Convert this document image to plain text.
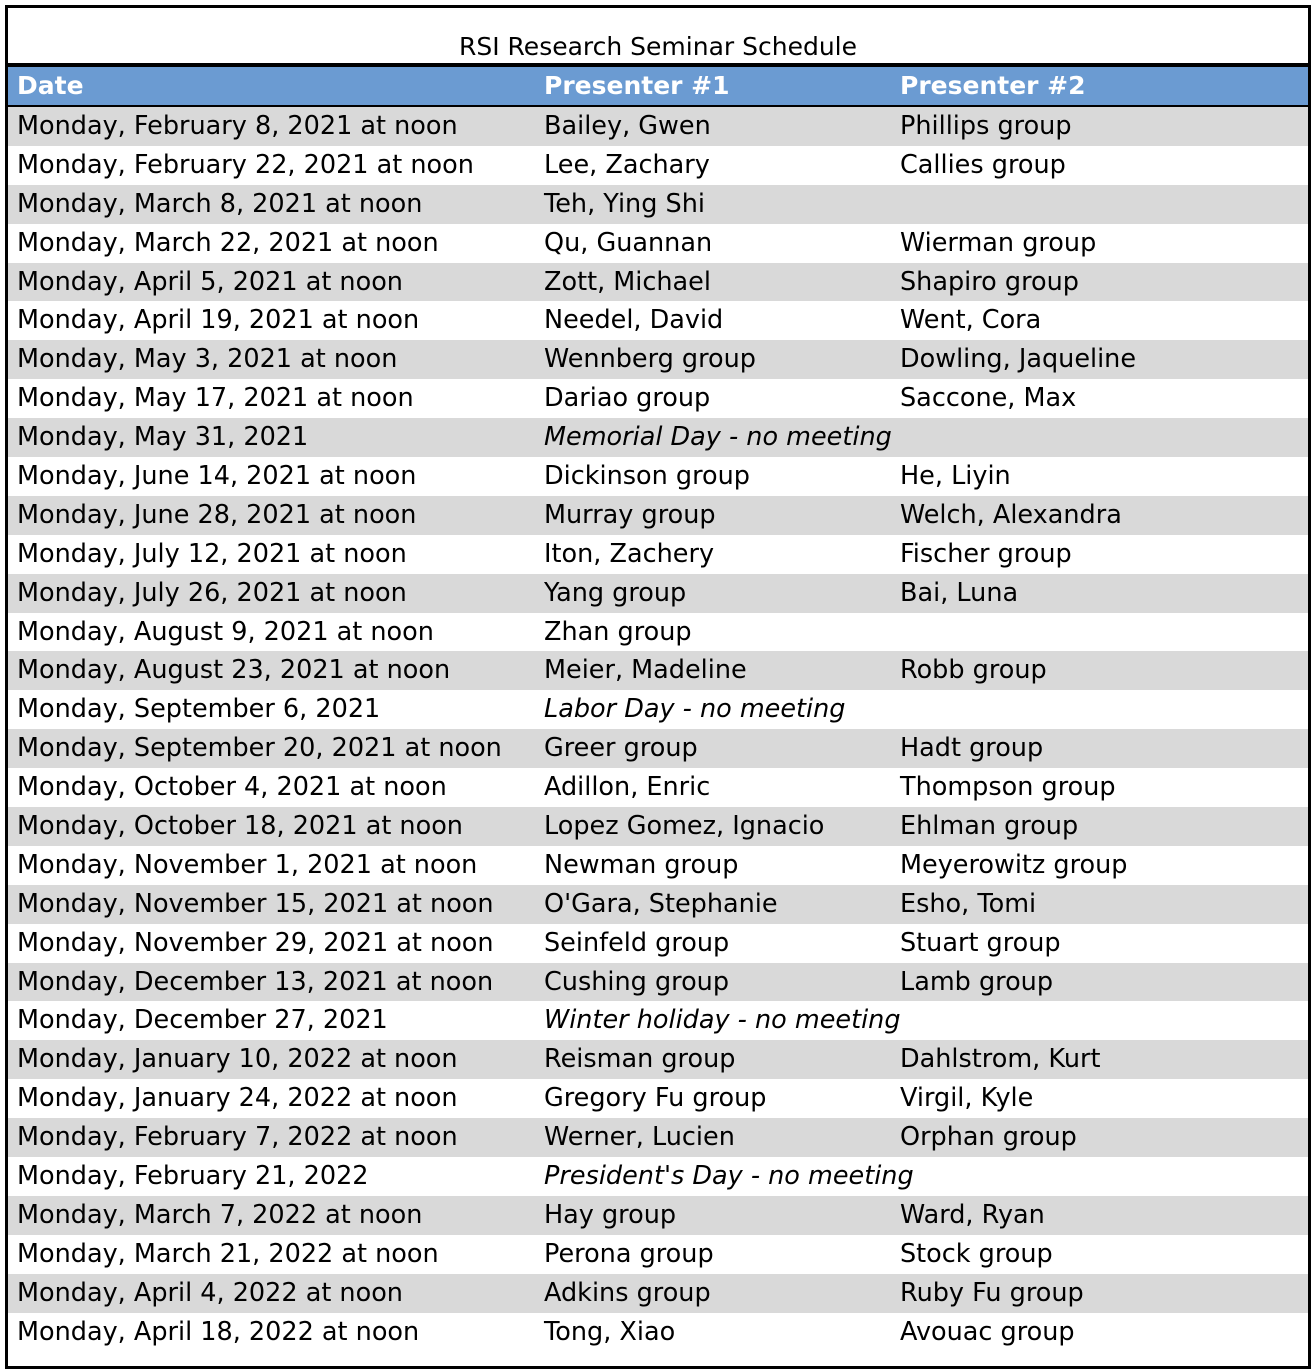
RSI Research Seminar Schedule
Date	Presenter #1	Presenter #2
Monday, February 8, 2021 at noon	Bailey, Gwen	Phillips group
Monday, February 22, 2021 at noon	Lee, Zachary	Callies group
Monday, March 8, 2021 at noon	Teh, Ying Shi
Monday, March 22, 2021 at noon	Qu, Guannan	Wierman group
Monday, April 5, 2021 at noon	Zott, Michael	Shapiro group
Monday, April 19, 2021 at noon	Needel, David	Went, Cora
Monday, May 3, 2021 at noon	Wennberg group	Dowling, Jaqueline
Monday, May 17, 2021 at noon	Dariao group	Saccone, Max
Monday, May 31, 2021	Memorial Day - no meeting
Monday, June 14, 2021 at noon	Dickinson group	He, Liyin
Monday, June 28, 2021 at noon	Murray group	Welch, Alexandra
Monday, July 12, 2021 at noon	Iton, Zachery	Fischer group
Monday, July 26, 2021 at noon	Yang group	Bai, Luna
Monday, August 9, 2021 at noon	Zhan group
Monday, August 23, 2021 at noon	Meier, Madeline	Robb group
Monday, September 6, 2021	Labor Day - no meeting
Monday, September 20, 2021 at noon	Greer group	Hadt group
Monday, October 4, 2021 at noon	Adillon, Enric	Thompson group
Monday, October 18, 2021 at noon	Lopez Gomez, Ignacio	Ehlman group
Monday, November 1, 2021 at noon	Newman group	Meyerowitz group
Monday, November 15, 2021 at noon	O'Gara, Stephanie	Esho, Tomi
Monday, November 29, 2021 at noon	Seinfeld group	Stuart group
Monday, December 13, 2021 at noon	Cushing group	Lamb group
Monday, December 27, 2021	Winter holiday - no meeting
Monday, January 10, 2022 at noon	Reisman group	Dahlstrom, Kurt
Monday, January 24, 2022 at noon	Gregory Fu group	Virgil, Kyle
Monday, February 7, 2022 at noon	Werner, Lucien	Orphan group
Monday, February 21, 2022	President's Day - no meeting
Monday, March 7, 2022 at noon	Hay group	Ward, Ryan
Monday, March 21, 2022 at noon	Perona group	Stock group
Monday, April 4, 2022 at noon	Adkins group	Ruby Fu group
Monday, April 18, 2022 at noon	Tong, Xiao	Avouac group
